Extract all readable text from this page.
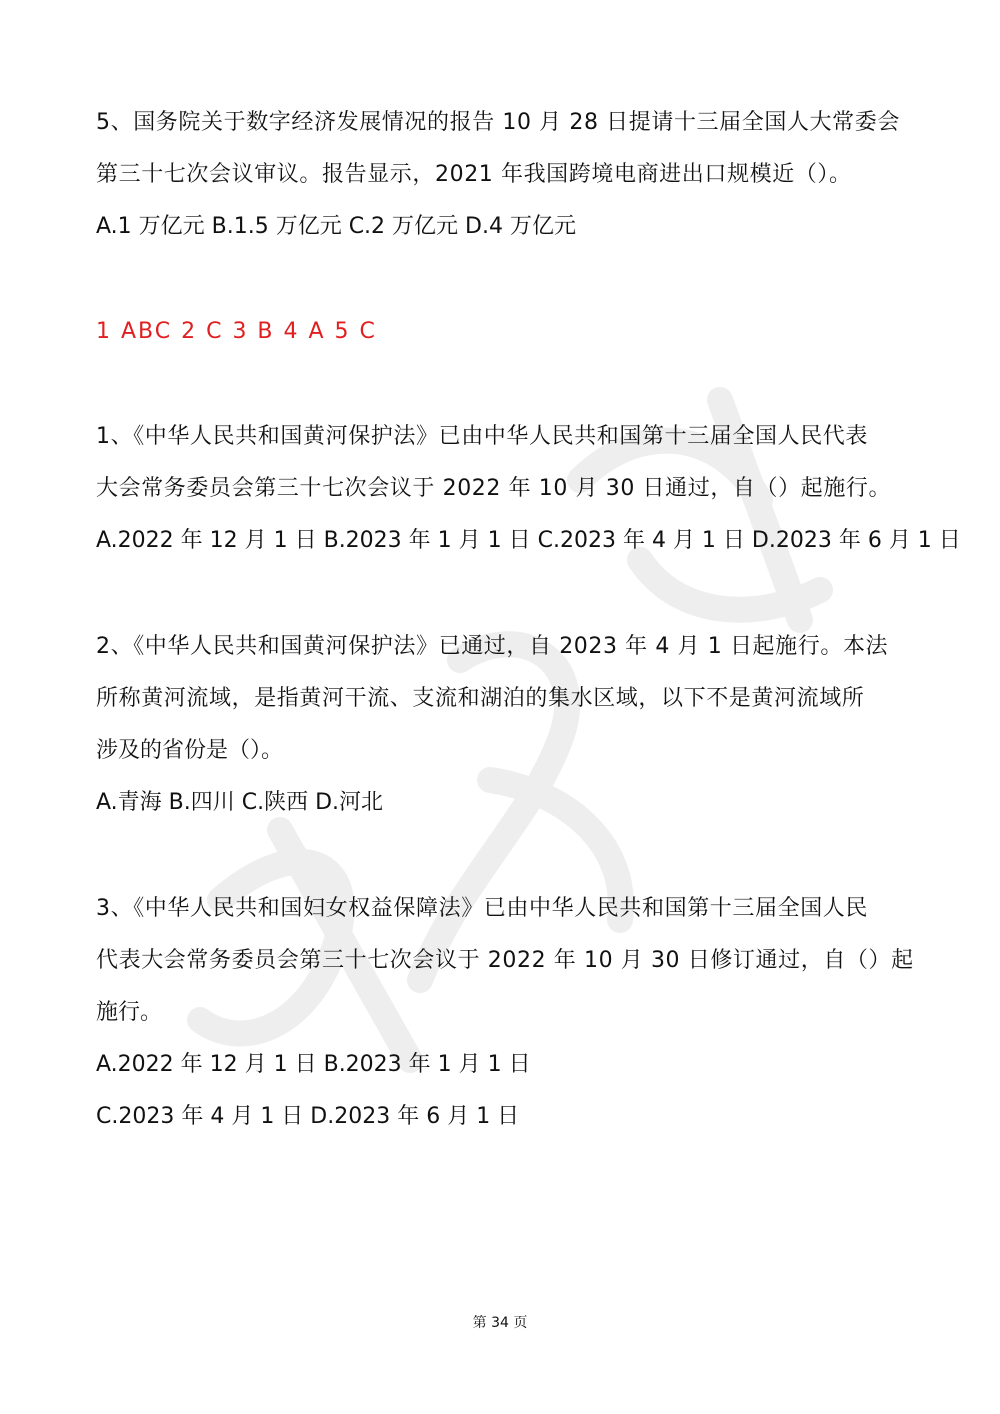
5、国务院关于数字经济发展情况的报告 10 月 28 日提请十三届全国人大常委会
第三十七次会议审议。报告显示，2021 年我国跨境电商进出口规模近（）。
A.1 万亿元 B.1.5 万亿元 C.2 万亿元 D.4 万亿元
1 ABC 2 C 3 B 4 A 5 C
1、《中华人民共和国黄河保护法》已由中华人民共和国第十三届全国人民代表
大会常务委员会第三十七次会议于 2022 年 10 月 30 日通过，自（）起施行。
A.2022 年 12 月 1 日 B.2023 年 1 月 1 日 C.2023 年 4 月 1 日 D.2023 年 6 月 1 日
2、《中华人民共和国黄河保护法》已通过，自 2023 年 4 月 1 日起施行。本法
所称黄河流域，是指黄河干流、支流和湖泊的集水区域，以下不是黄河流域所
涉及的省份是（）。
A.青海 B.四川 C.陕西 D.河北
3、《中华人民共和国妇女权益保障法》已由中华人民共和国第十三届全国人民
代表大会常务委员会第三十七次会议于 2022 年 10 月 30 日修订通过，自（）起
施行。
A.2022 年 12 月 1 日 B.2023 年 1 月 1 日
C.2023 年 4 月 1 日 D.2023 年 6 月 1 日
第 34 页
